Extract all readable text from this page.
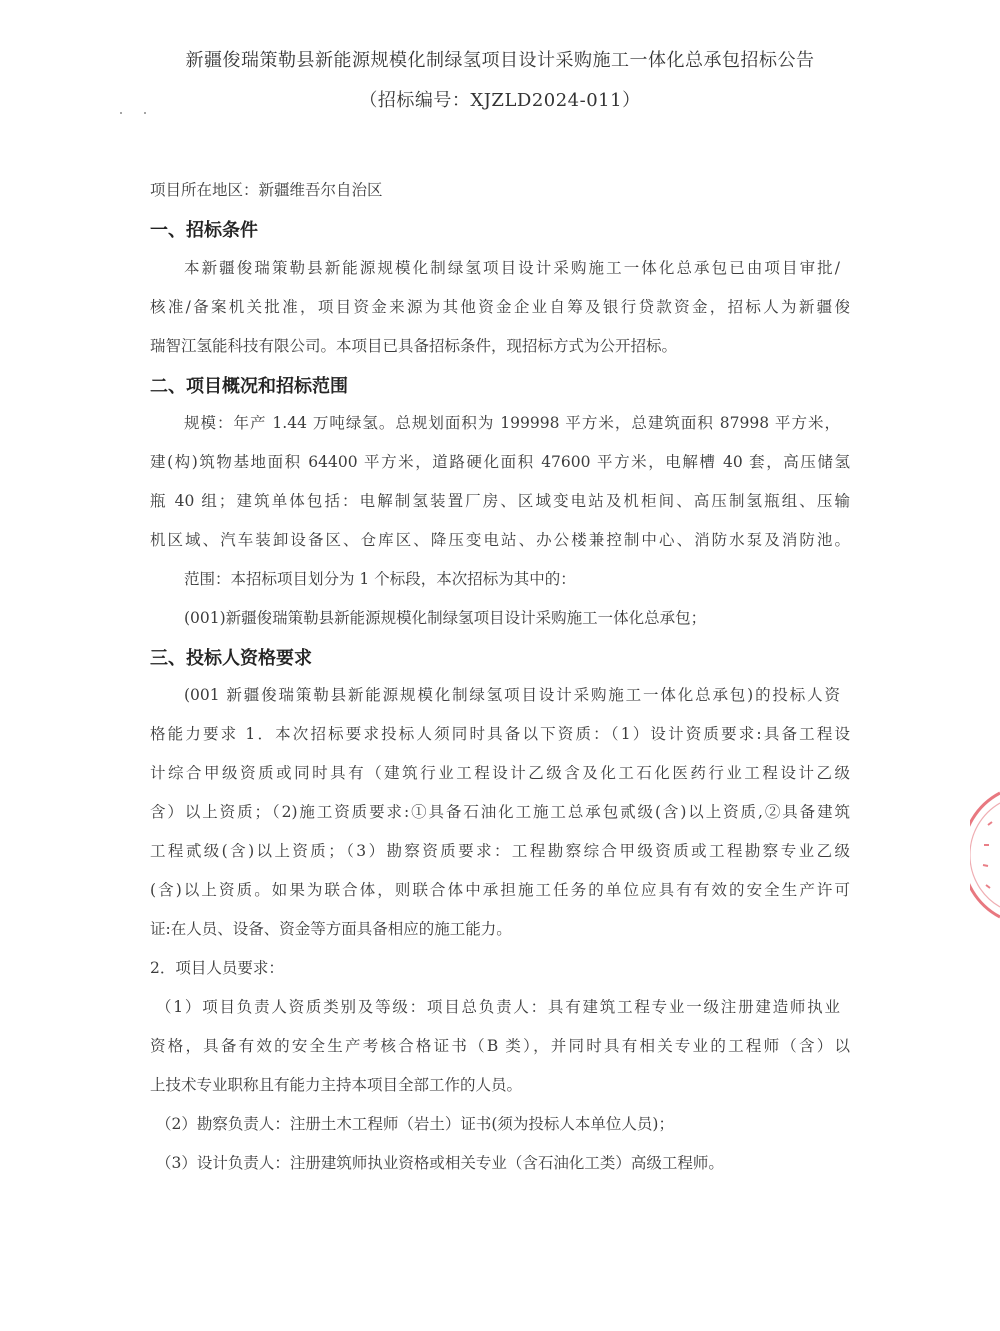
新疆俊瑞策勒县新能源规模化制绿氢项目设计采购施工一体化总承包招标公告
（招标编号：XJZLD2024-011）
项目所在地区：新疆维吾尔自治区
一、招标条件
本新疆俊瑞策勒县新能源规模化制绿氢项目设计采购施工一体化总承包已由项目审批/
核准/备案机关批准，项目资金来源为其他资金企业自筹及银行贷款资金，招标人为新疆俊
瑞智江氢能科技有限公司。本项目已具备招标条件，现招标方式为公开招标。
二、项目概况和招标范围
规模：年产 1.44 万吨绿氢。总规划面积为 199998 平方米，总建筑面积 87998 平方米，
建(构)筑物基地面积 64400 平方米，道路硬化面积 47600 平方米，电解槽 40 套，高压储氢
瓶 40 组；建筑单体包括：电解制氢装置厂房、区域变电站及机柜间、高压制氢瓶组、压输
机区域、汽车装卸设备区、仓库区、降压变电站、办公楼兼控制中心、消防水泵及消防池。
范围：本招标项目划分为 1 个标段，本次招标为其中的：
(001)新疆俊瑞策勒县新能源规模化制绿氢项目设计采购施工一体化总承包；
三、投标人资格要求
(001 新疆俊瑞策勒县新能源规模化制绿氢项目设计采购施工一体化总承包)的投标人资
格能力要求 1．本次招标要求投标人须同时具备以下资质：（1）设计资质要求:具备工程设
计综合甲级资质或同时具有（建筑行业工程设计乙级含及化工石化医药行业工程设计乙级
含）以上资质；（2)施工资质要求:①具备石油化工施工总承包贰级(含)以上资质,②具备建筑
工程贰级(含)以上资质；（3）勘察资质要求：工程勘察综合甲级资质或工程勘察专业乙级
(含)以上资质。如果为联合体，则联合体中承担施工任务的单位应具有有效的安全生产许可
证:在人员、设备、资金等方面具备相应的施工能力。
2．项目人员要求：
（1）项目负责人资质类别及等级：项目总负责人：具有建筑工程专业一级注册建造师执业
资格，具备有效的安全生产考核合格证书（B 类），并同时具有相关专业的工程师（含）以
上技术专业职称且有能力主持本项目全部工作的人员。
（2）勘察负责人：注册土木工程师（岩土）证书(须为投标人本单位人员)；
（3）设计负责人：注册建筑师执业资格或相关专业（含石油化工类）高级工程师。
